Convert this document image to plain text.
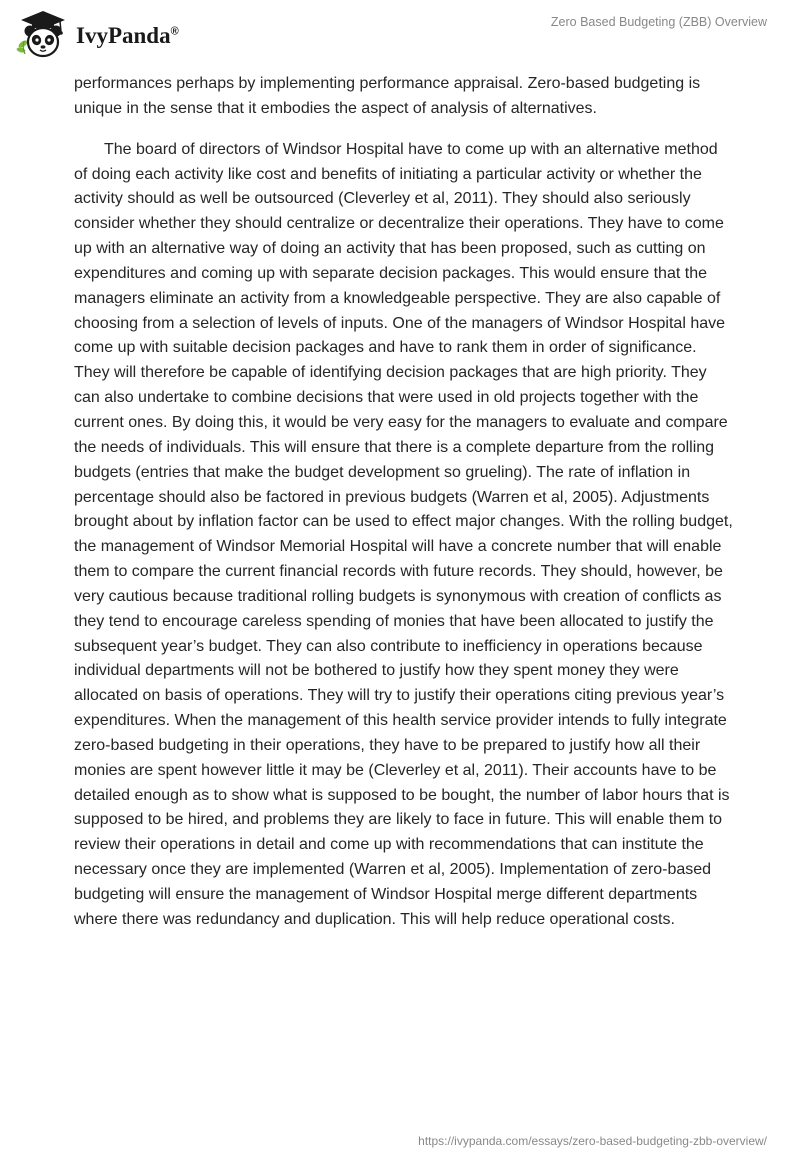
IvyPanda®
Zero Based Budgeting (ZBB) Overview

performances perhaps by implementing performance appraisal. Zero-based budgeting is unique in the sense that it embodies the aspect of analysis of alternatives.

The board of directors of Windsor Hospital have to come up with an alternative method of doing each activity like cost and benefits of initiating a particular activity or whether the activity should as well be outsourced (Cleverley et al, 2011). They should also seriously consider whether they should centralize or decentralize their operations. They have to come up with an alternative way of doing an activity that has been proposed, such as cutting on expenditures and coming up with separate decision packages. This would ensure that the managers eliminate an activity from a knowledgeable perspective. They are also capable of choosing from a selection of levels of inputs. One of the managers of Windsor Hospital have come up with suitable decision packages and have to rank them in order of significance. They will therefore be capable of identifying decision packages that are high priority. They can also undertake to combine decisions that were used in old projects together with the current ones. By doing this, it would be very easy for the managers to evaluate and compare the needs of individuals. This will ensure that there is a complete departure from the rolling budgets (entries that make the budget development so grueling). The rate of inflation in percentage should also be factored in previous budgets (Warren et al, 2005). Adjustments brought about by inflation factor can be used to effect major changes. With the rolling budget, the management of Windsor Memorial Hospital will have a concrete number that will enable them to compare the current financial records with future records. They should, however, be very cautious because traditional rolling budgets is synonymous with creation of conflicts as they tend to encourage careless spending of monies that have been allocated to justify the subsequent year’s budget. They can also contribute to inefficiency in operations because individual departments will not be bothered to justify how they spent money they were allocated on basis of operations. They will try to justify their operations citing previous year’s expenditures. When the management of this health service provider intends to fully integrate zero-based budgeting in their operations, they have to be prepared to justify how all their monies are spent however little it may be (Cleverley et al, 2011). Their accounts have to be detailed enough as to show what is supposed to be bought, the number of labor hours that is supposed to be hired, and problems they are likely to face in future. This will enable them to review their operations in detail and come up with recommendations that can institute the necessary once they are implemented (Warren et al, 2005). Implementation of zero-based budgeting will ensure the management of Windsor Hospital merge different departments where there was redundancy and duplication. This will help reduce operational costs.

https://ivypanda.com/essays/zero-based-budgeting-zbb-overview/
